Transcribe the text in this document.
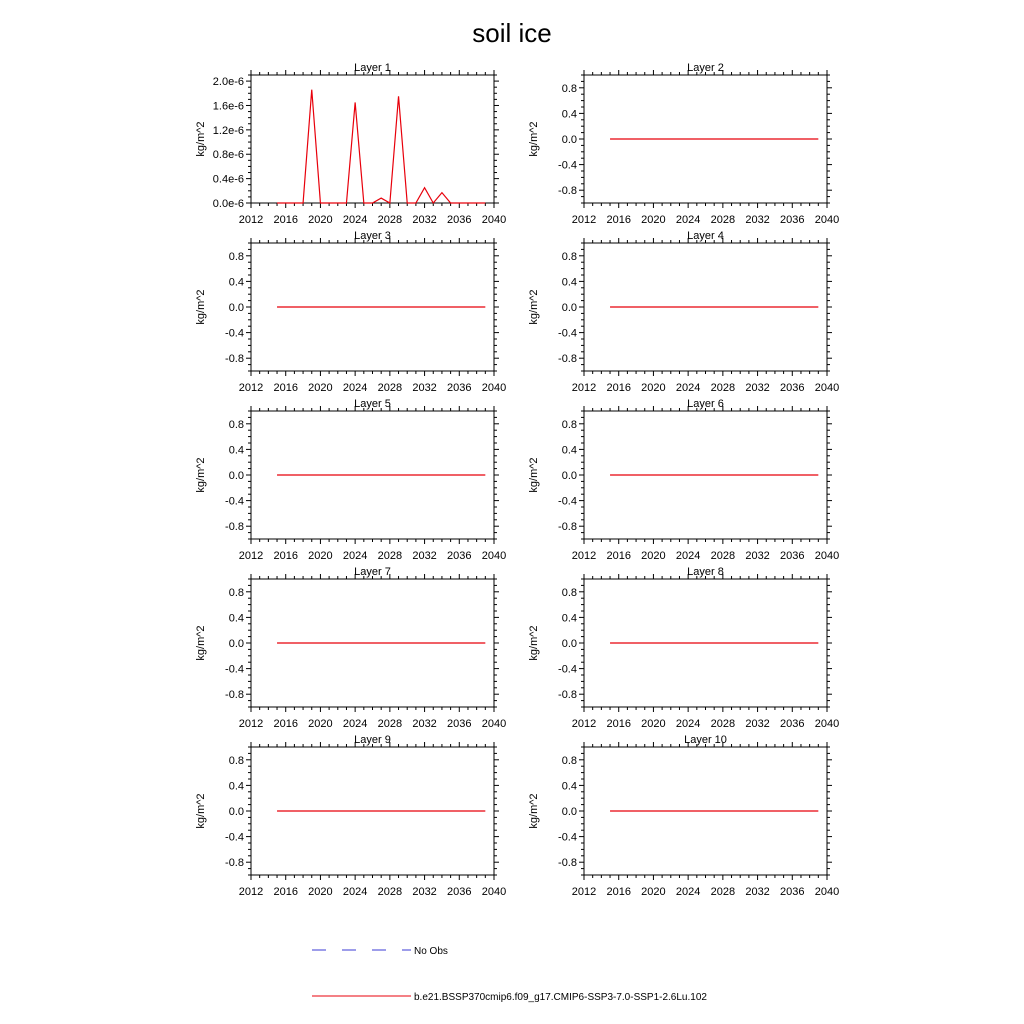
soil ice
Layer 1
kg/m^2
2012 2016 2020 2024 2028 2032 2036 2040
0.0e-6
0.4e-6
0.8e-6
1.2e-6
1.6e-6
2.0e-6
Layer 2
kg/m^2
2012 2016 2020 2024 2028 2032 2036 2040
-0.8
-0.4
0.0
0.4
0.8
Layer 3
kg/m^2
2012 2016 2020 2024 2028 2032 2036 2040
-0.8
-0.4
0.0
0.4
0.8
Layer 4
kg/m^2
2012 2016 2020 2024 2028 2032 2036 2040
-0.8
-0.4
0.0
0.4
0.8
Layer 5
kg/m^2
2012 2016 2020 2024 2028 2032 2036 2040
-0.8
-0.4
0.0
0.4
0.8
Layer 6
kg/m^2
2012 2016 2020 2024 2028 2032 2036 2040
-0.8
-0.4
0.0
0.4
0.8
Layer 7
kg/m^2
2012 2016 2020 2024 2028 2032 2036 2040
-0.8
-0.4
0.0
0.4
0.8
Layer 8
kg/m^2
2012 2016 2020 2024 2028 2032 2036 2040
-0.8
-0.4
0.0
0.4
0.8
Layer 9
kg/m^2
2012 2016 2020 2024 2028 2032 2036 2040
-0.8
-0.4
0.0
0.4
0.8
Layer 10
kg/m^2
2012 2016 2020 2024 2028 2032 2036 2040
-0.8
-0.4
0.0
0.4
0.8
No Obs
b.e21.BSSP370cmip6.f09_g17.CMIP6-SSP3-7.0-SSP1-2.6Lu.102
